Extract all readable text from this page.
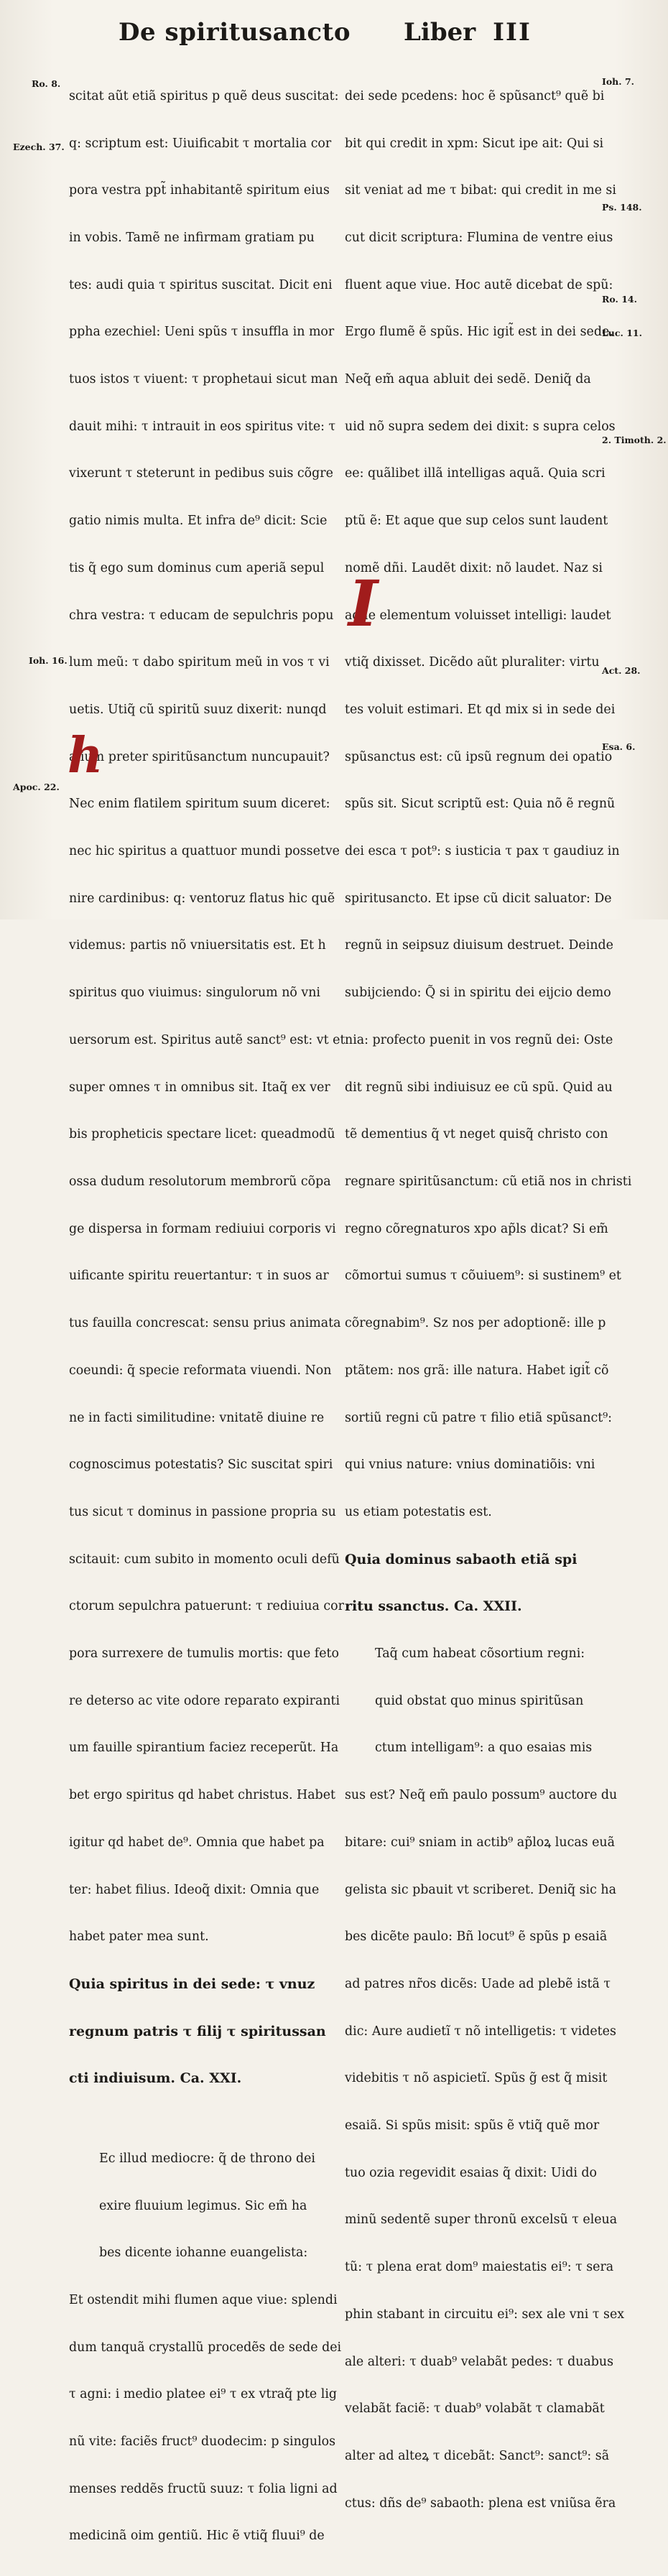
De spiritusancto Liber III

scitat aũt etiã spiritus p quẽ deus suscitat:

q: scriptum est: Uiuificabit τ mortalia cor

pora vestra ppt̃ inhabitantẽ spiritum eius

in vobis. Tamẽ ne infirmam gratiam pu

tes: audi quia τ spiritus suscitat. Dicit eni

ppha ezechiel: Ueni spũs τ insuffla in mor

tuos istos τ viuent: τ prophetaui sicut man

dauit mihi: τ intrauit in eos spiritus vite: τ

vixerunt τ steterunt in pedibus suis cõgre

gatio nimis multa. Et infra de⁹ dicit: Scie

tis q̃ ego sum dominus cum aperiã sepul

chra vestra: τ educam de sepulchris popu

lum meũ: τ dabo spiritum meũ in vos τ vi

uetis. Utiq̃ cũ spiritũ suuz dixerit: nunqd

alium preter spiritũsanctum nuncupauit?

Nec enim flatilem spiritum suum diceret:

nec hic spiritus a quattuor mundi possetve

nire cardinibus: q: ventoruz flatus hic quẽ

videmus: partis nõ vniuersitatis est. Et h

spiritus quo viuimus: singulorum nõ vni

uersorum est. Spiritus autẽ sanct⁹ est: vt et

super omnes τ in omnibus sit. Itaq̃ ex ver

bis propheticis spectare licet: queadmodũ

ossa dudum resolutorum membrorũ cõpa

ge dispersa in formam rediuiui corporis vi

uificante spiritu reuertantur: τ in suos ar

tus fauilla concrescat: sensu prius animata

coeundi: q̃ specie reformata viuendi. Non

ne in facti similitudine: vnitatẽ diuine re

cognoscimus potestatis? Sic suscitat spiri

tus sicut τ dominus in passione propria su

scitauit: cum subito in momento oculi defũ

ctorum sepulchra patuerunt: τ rediuiua cor

pora surrexere de tumulis mortis: que feto

re deterso ac vite odore reparato expiranti

um fauille spirantium faciez receperũt. Ha

bet ergo spiritus qd habet christus. Habet

igitur qd habet de⁹. Omnia que habet pa

ter: habet filius. Ideoq̃ dixit: Omnia que

habet pater mea sunt.

Quia spiritus in dei sede: τ vnuz

regnum patris τ filij τ spiritussan

cti indiuisum. Ca. XXI.

Ec illud mediocre: q̃ de throno dei

exire fluuium legimus. Sic em̃ ha

bes dicente iohanne euangelista:

Et ostendit mihi flumen aque viue: splendi

dum tanquã crystallũ procedẽs de sede dei

τ agni: i medio platee ei⁹ τ ex vtraq̃ pte lig

nũ vite: faciẽs fruct⁹ duodecim: p singulos

menses reddẽs fructũ suuz: τ folia ligni ad

medicinã oim gentiũ. Hic ẽ vtiq̃ fluui⁹ de

dei sede pcedens: hoc ẽ spũsanct⁹ quẽ bi

bit qui credit in xpm: Sicut ipe ait: Qui si

sit veniat ad me τ bibat: qui credit in me si

cut dicit scriptura: Flumina de ventre eius

fluent aque viue. Hoc autẽ dicebat de spũ:

Ergo flumẽ ẽ spũs. Hic igit̃ est in dei sede.

Neq̃ em̃ aqua abluit dei sedẽ. Deniq̃ da

uid nõ supra sedem dei dixit: s supra celos

ee: quãlibet illã intelligas aquã. Quia scri

ptũ ẽ: Et aque que sup celos sunt laudent

nomẽ dñi. Laudẽt dixit: nõ laudet. Naz si

aque elementum voluisset intelligi: laudet

vtiq̃ dixisset. Dicẽdo aũt pluraliter: virtu

tes voluit estimari. Et qd mix si in sede dei

spũsanctus est: cũ ipsũ regnum dei opatio

spũs sit. Sicut scriptũ est: Quia nõ ẽ regnũ

dei esca τ pot⁹: s iusticia τ pax τ gaudiuz in

spiritusancto. Et ipse cũ dicit saluator: De

regnũ in seipsuz diuisum destruet. Deinde

subijciendo: Q̃ si in spiritu dei eijcio demo

nia: profecto puenit in vos regnũ dei: Oste

dit regnũ sibi indiuisuz ee cũ spũ. Quid au

tẽ dementius q̃ vt neget quisq̃ christo con

regnare spiritũsanctum: cũ etiã nos in christi

regno cõregnaturos xpo ap̃ls dicat? Si em̃

cõmortui sumus τ cõuiuem⁹: si sustinem⁹ et

cõregnabim⁹. Sz nos per adoptionẽ: ille p

ptãtem: nos grã: ille natura. Habet igit̃ cõ

sortiũ regni cũ patre τ filio etiã spũsanct⁹:

qui vnius nature: vnius dominatiõis: vni

us etiam potestatis est.

Quia dominus sabaoth etiã spi

ritu ssanctus. Ca. XXII.

Taq̃ cum habeat cõsortium regni:

quid obstat quo minus spiritũsan

ctum intelligam⁹: a quo esaias mis

sus est? Neq̃ em̃ paulo possum⁹ auctore du

bitare: cui⁹ sniam in actib⁹ ap̃loꝝ lucas euã

gelista sic pbauit vt scriberet. Deniq̃ sic ha

bes dicẽte paulo: Bñ locut⁹ ẽ spũs p esaiã

ad patres nr̃os dicẽs: Uade ad plebẽ istã τ

dic: Aure audietĩ τ nõ intelligetis: τ videtes

videbitis τ nõ aspicietĩ. Spũs g̃ est q̃ misit

esaiã. Si spũs misit: spũs ẽ vtiq̃ quẽ mor

tuo ozia regevidit esaias q̃ dixit: Uidi do

minũ sedentẽ super thronũ excelsũ τ eleua

tũ: τ plena erat dom⁹ maiestatis ei⁹: τ sera

phin stabant in circuitu ei⁹: sex ale vni τ sex

ale alteri: τ duab⁹ velabãt pedes: τ duabus

velabãt faciẽ: τ duab⁹ volabãt τ clamabãt

alter ad alteꝝ τ dicebãt: Sanct⁹: sanct⁹: sã

ctus: dñs de⁹ sabaoth: plena est vniũsa ẽra

h
I
Ro. 8.
Ezech. 37.
Ioh. 16.
Apoc. 22.
Ioh. 7.
Ps. 148.
Ro. 14.
Luc. 11.
2. Timoth. 2.
Act. 28.
Esa. 6.
